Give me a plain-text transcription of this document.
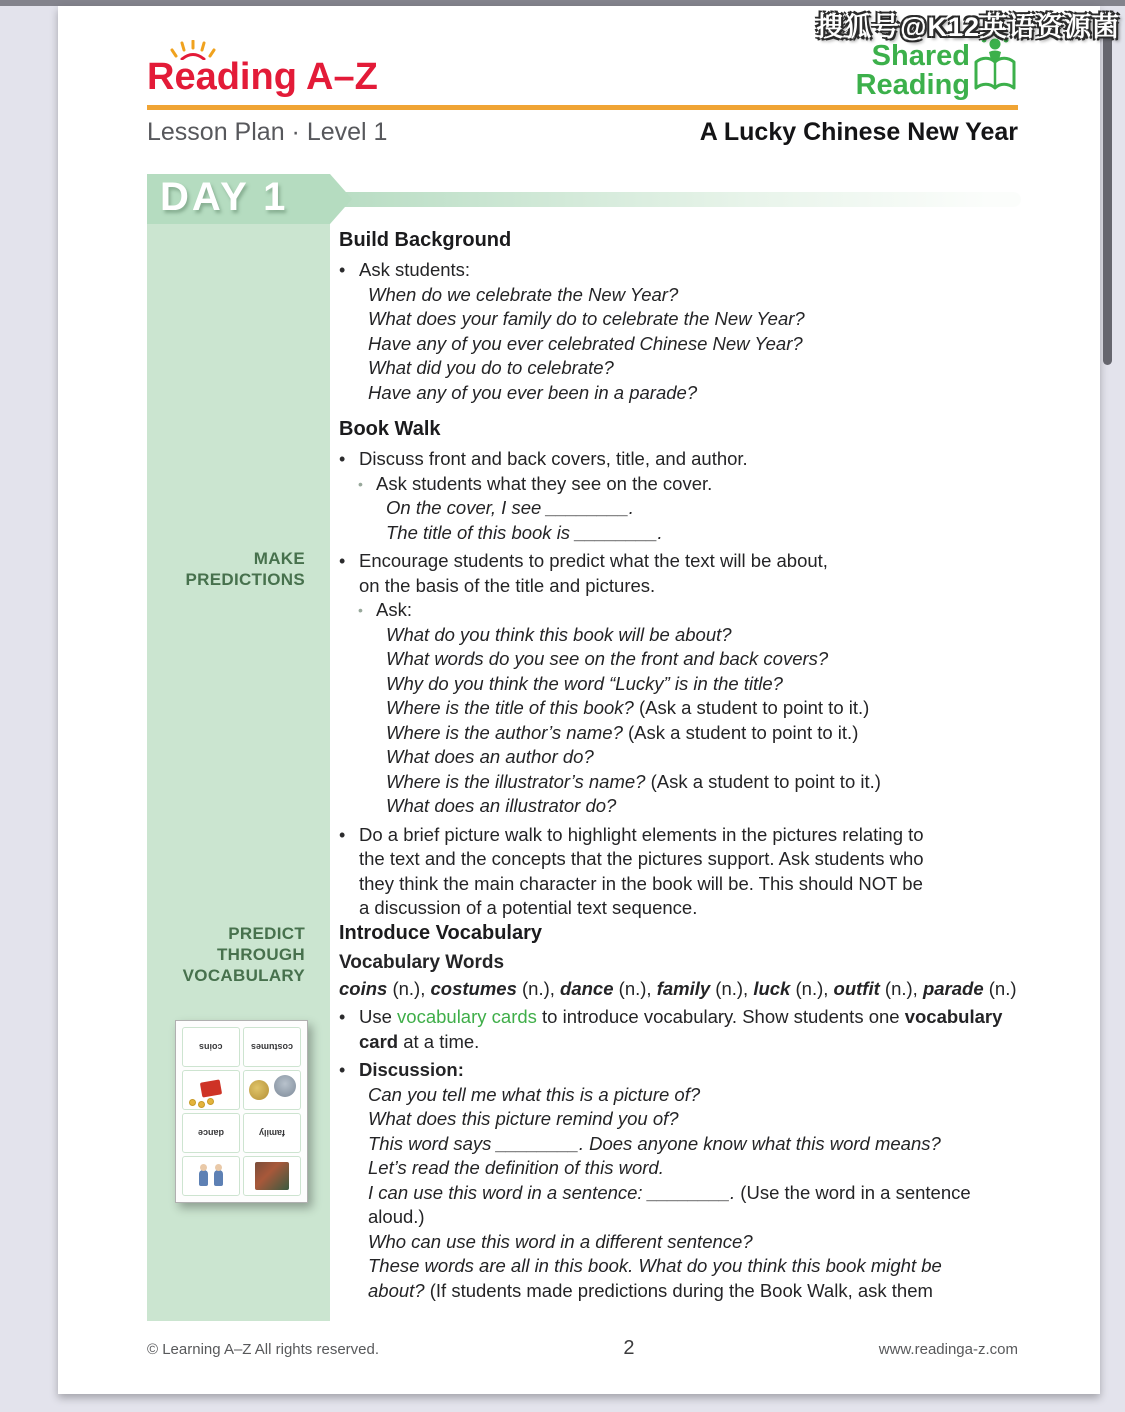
搜狐号@K12英语资源菌
Reading A–Z	Shared
Reading
Lesson Plan · Level 1	A Lucky Chinese New Year
DAY 1
MAKE
PREDICTIONS
PREDICT THROUGH
VOCABULARY
coins	costumes
dance	family
Build Background
• Ask students:
When do we celebrate the New Year?
What does your family do to celebrate the New Year?
Have any of you ever celebrated Chinese New Year?
What did you do to celebrate?
Have any of you ever been in a parade?
Book Walk
• Discuss front and back covers, title, and author.
• Ask students what they see on the cover.
On the cover, I see ________.
The title of this book is ________.
• Encourage students to predict what the text will be about,
on the basis of the title and pictures.
• Ask:
What do you think this book will be about?
What words do you see on the front and back covers?
Why do you think the word “Lucky” is in the title?
Where is the title of this book? (Ask a student to point to it.)
Where is the author’s name? (Ask a student to point to it.)
What does an author do?
Where is the illustrator’s name? (Ask a student to point to it.)
What does an illustrator do?
• Do a brief picture walk to highlight elements in the pictures relating to
the text and the concepts that the pictures support. Ask students who
they think the main character in the book will be. This should NOT be
a discussion of a potential text sequence.
Introduce Vocabulary
Vocabulary Words
coins (n.), costumes (n.), dance (n.), family (n.), luck (n.), outfit (n.), parade (n.)
• Use vocabulary cards to introduce vocabulary. Show students one vocabulary card at a time.
• Discussion:
Can you tell me what this is a picture of?
What does this picture remind you of?
This word says ________. Does anyone know what this word means?
Let’s read the definition of this word.
I can use this word in a sentence: ________. (Use the word in a sentence
aloud.)
Who can use this word in a different sentence?
These words are all in this book. What do you think this book might be
about? (If students made predictions during the Book Walk, ask them
© Learning A–Z All rights reserved.	2	www.readinga-z.com
